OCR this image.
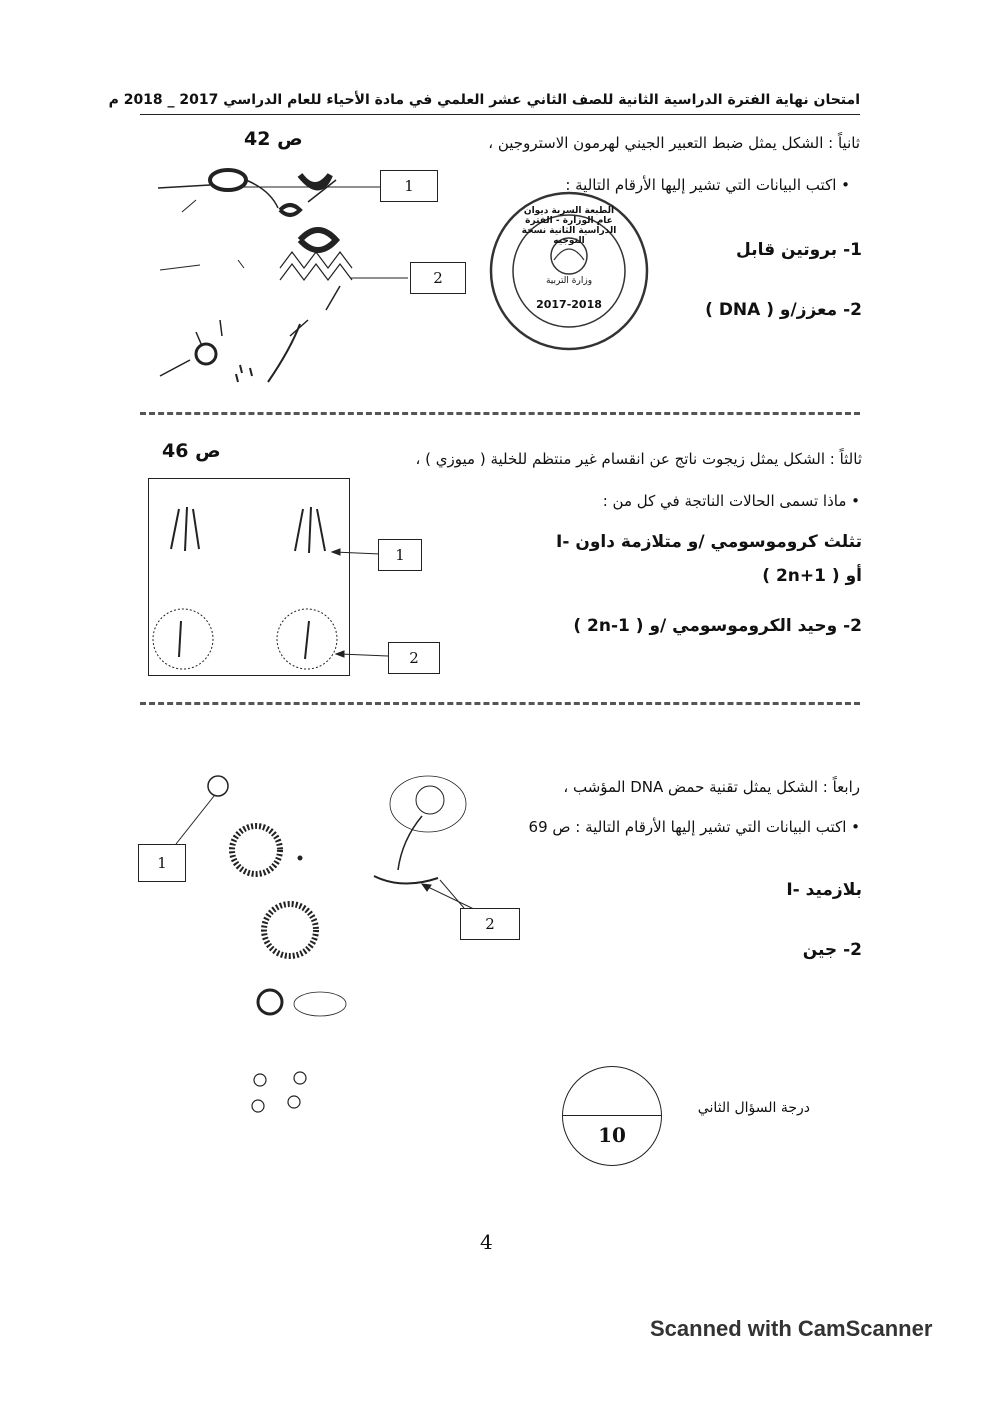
امتحان نهاية الفترة الدراسية الثانية للصف الثاني عشر العلمي في مادة الأحياء للعام الدراسي 2017 _ 2018 م
ص 42	ثانياً : الشكل يمثل ضبط التعبير الجيني لهرمون الاستروجين ،
• اكتب البيانات التي تشير إليها الأرقام التالية :
1- بروتين قابل
2- معزز/و ( DNA )
1
2
الطبعة السرية ديوان عام الوزارة - الفترة الدراسية الثانية نسخة التوجيه
وزارة التربية
2017-2018
ص 46	ثالثاً : الشكل يمثل زيجوت ناتج عن انقسام غير منتظم للخلية ( ميوزي ) ،
• ماذا تسمى الحالات الناتجة في كل من :
I- تثلث كروموسومي /و متلازمة داون
أو ( 2n+1 )
2- وحيد الكروموسومي /و ( 2n-1 )
1
2
رابعاً : الشكل يمثل تقنية حمض DNA المؤشب ،
• اكتب البيانات التي تشير إليها الأرقام التالية : ص 69
I- بلازميد
2- جين
1
2
10
درجة السؤال الثاني
4
Scanned with CamScanner
